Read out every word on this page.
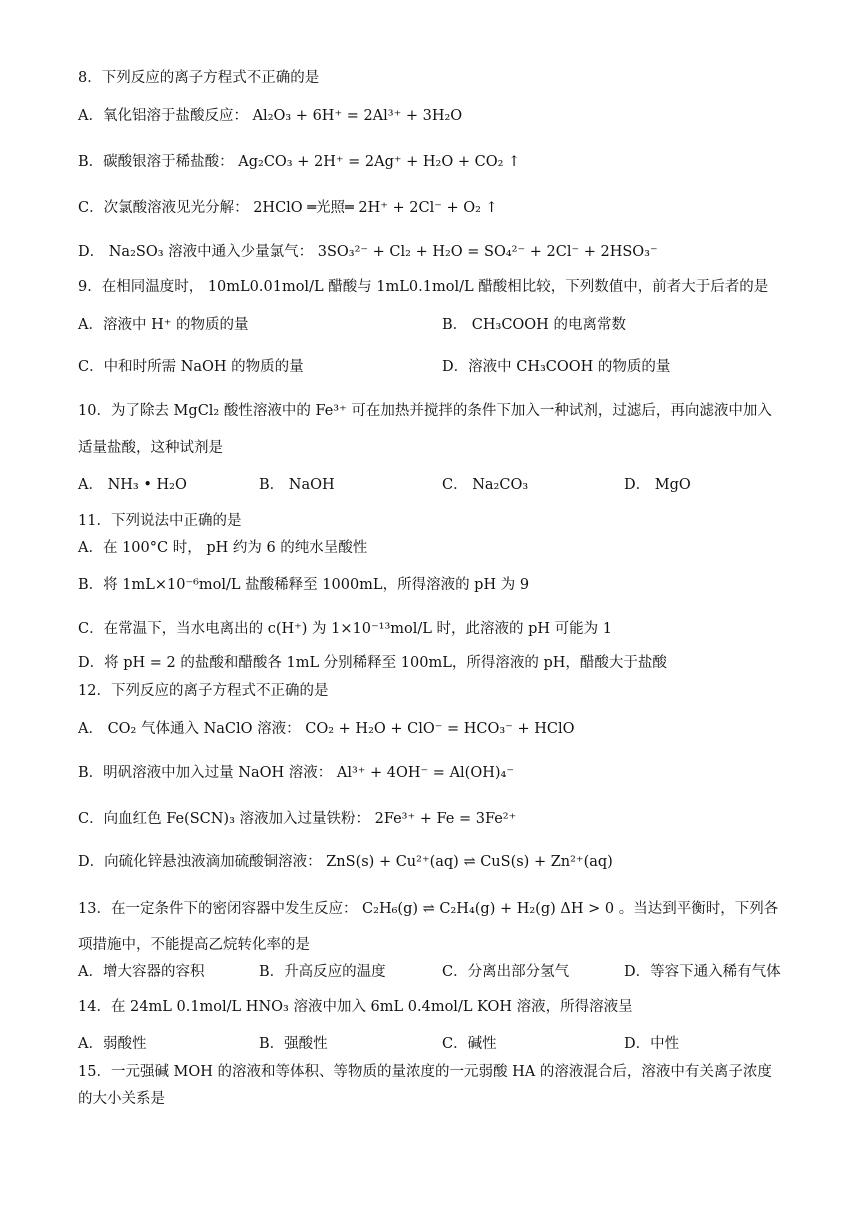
8．下列反应的离子方程式不正确的是
A．氧化铝溶于盐酸反应： Al₂O₃ + 6H⁺ = 2Al³⁺ + 3H₂O
B．碳酸银溶于稀盐酸： Ag₂CO₃ + 2H⁺ = 2Ag⁺ + H₂O + CO₂ ↑
C．次氯酸溶液见光分解： 2HClO ═光照═ 2H⁺ + 2Cl⁻ + O₂ ↑
D． Na₂SO₃ 溶液中通入少量氯气： 3SO₃²⁻ + Cl₂ + H₂O = SO₄²⁻ + 2Cl⁻ + 2HSO₃⁻
9．在相同温度时， 10mL0.01mol/L 醋酸与 1mL0.1mol/L 醋酸相比较，下列数值中，前者大于后者的是
A．溶液中 H⁺ 的物质的量	B． CH₃COOH 的电离常数
C．中和时所需 NaOH 的物质的量	D．溶液中 CH₃COOH 的物质的量
10．为了除去 MgCl₂ 酸性溶液中的 Fe³⁺ 可在加热并搅拌的条件下加入一种试剂，过滤后，再向滤液中加入
适量盐酸，这种试剂是
A． NH₃ • H₂O	B． NaOH	C． Na₂CO₃	D． MgO
11．下列说法中正确的是
A．在 100°C 时， pH 约为 6 的纯水呈酸性
B．将 1mL×10⁻⁶mol/L 盐酸稀释至 1000mL，所得溶液的 pH 为 9
C．在常温下，当水电离出的 c(H⁺) 为 1×10⁻¹³mol/L 时，此溶液的 pH 可能为 1
D．将 pH = 2 的盐酸和醋酸各 1mL 分别稀释至 100mL，所得溶液的 pH，醋酸大于盐酸
12．下列反应的离子方程式不正确的是
A． CO₂ 气体通入 NaClO 溶液： CO₂ + H₂O + ClO⁻ = HCO₃⁻ + HClO
B．明矾溶液中加入过量 NaOH 溶液： Al³⁺ + 4OH⁻ = Al(OH)₄⁻
C．向血红色 Fe(SCN)₃ 溶液加入过量铁粉： 2Fe³⁺ + Fe = 3Fe²⁺
D．向硫化锌悬浊液滴加硫酸铜溶液： ZnS(s) + Cu²⁺(aq) ⇌ CuS(s) + Zn²⁺(aq)
13．在一定条件下的密闭容器中发生反应： C₂H₆(g) ⇌ C₂H₄(g) + H₂(g) ΔH > 0 。当达到平衡时，下列各
项措施中，不能提高乙烷转化率的是
A．增大容器的容积	B．升高反应的温度	C．分离出部分氢气	D．等容下通入稀有气体
14．在 24mL 0.1mol/L HNO₃ 溶液中加入 6mL 0.4mol/L KOH 溶液，所得溶液呈
A．弱酸性	B．强酸性	C．碱性	D．中性
15．一元强碱 MOH 的溶液和等体积、等物质的量浓度的一元弱酸 HA 的溶液混合后，溶液中有关离子浓度
的大小关系是
